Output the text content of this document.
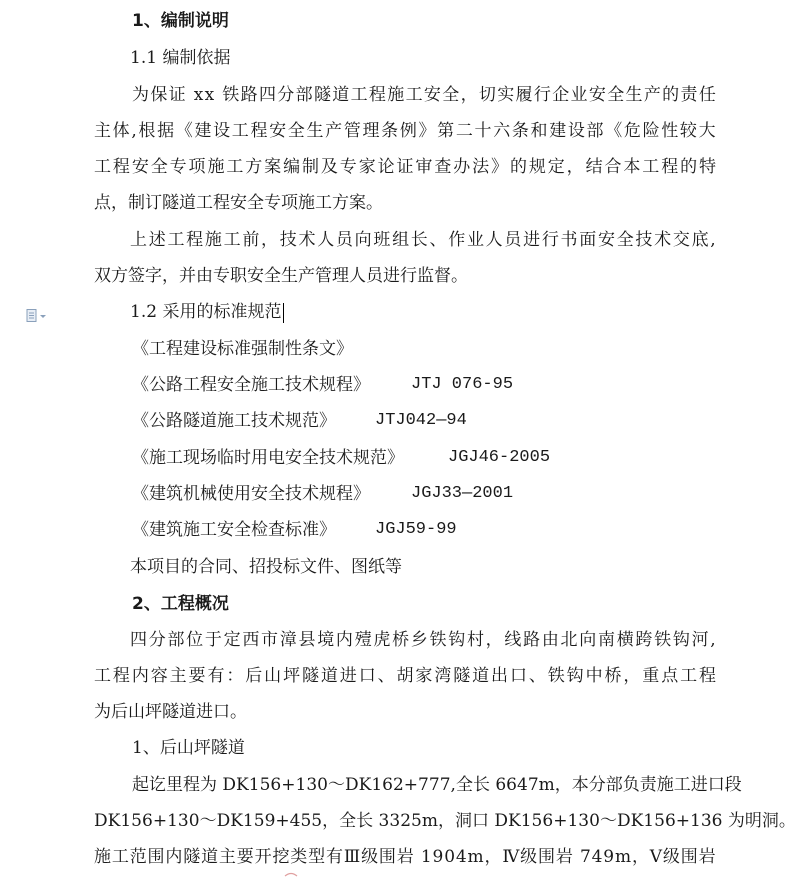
1、编制说明
1.1 编制依据
为 保 证
x x
铁 路 四 分 部 隧 道 工 程 施 工 安 全 ， 切 实 履 行 企 业 安 全 生 产 的 责 任
主 体 , 根 据 《 建 设 工 程 安 全 生 产 管 理 条 例 》 第 二 十 六 条 和 建 设 部 《 危 险 性 较 大
工 程 安 全 专 项 施 工 方 案 编 制 及 专 家 论 证 审 查 办 法 》 的 规 定 ， 结 合 本 工 程 的 特
点，制订隧道工程安全专项施工方案。
上 述 工 程 施 工 前 ， 技 术 人 员 向 班 组 长 、 作 业 人 员 进 行 书 面 安 全 技 术 交 底 ,
双方签字，并由专职安全生产管理人员进行监督。
1.2 采用的标准规范
《工程建设标准强制性条文》
《公路工程安全施工技术规程》 JTJ 076-95
《公路隧道施工技术规范》 JTJ042—94
《施工现场临时用电安全技术规范》	JGJ46-2005
《建筑机械使用安全技术规程》 JGJ33—2001
《建筑施工安全检查标准》 JGJ59-99
本项目的合同、招投标文件、图纸等
2、工程概况
四 分 部 位 于 定 西 市 漳 县 境 内 殪 虎 桥 乡 铁 钩 村 ， 线 路 由 北 向 南 横 跨 铁 钩 河 ,
工 程 内 容 主 要 有 ： 后 山 坪 隧 道 进 口 、 胡 家 湾 隧 道 出 口 、 铁 钩 中 桥 ， 重 点 工 程
为后山坪隧道进口。
1、后山坪隧道
起 讫 里 程 为
D K 1 5 6 + 1 3 0 ～ D K 1 6 2 + 7 7 7 , 全 长
6 6 4 7 m ， 本 分 部 负 责 施 工 进 口 段
D K 1 5 6 + 1 3 0 ～ D K 1 5 9 + 4 5 5 ， 全 长
3 3 2 5 m ， 洞 口
D K 1 5 6 + 1 3 0 ～ D K 1 5 6 + 1 3 6
为 明 洞 。
施 工 范 围 内 隧 道 主 要 开 挖 类 型 有 Ⅲ 级 围 岩
1 9 0 4 m ， Ⅳ 级 围 岩
7 4 9 m ， Ⅴ 级 围 岩
